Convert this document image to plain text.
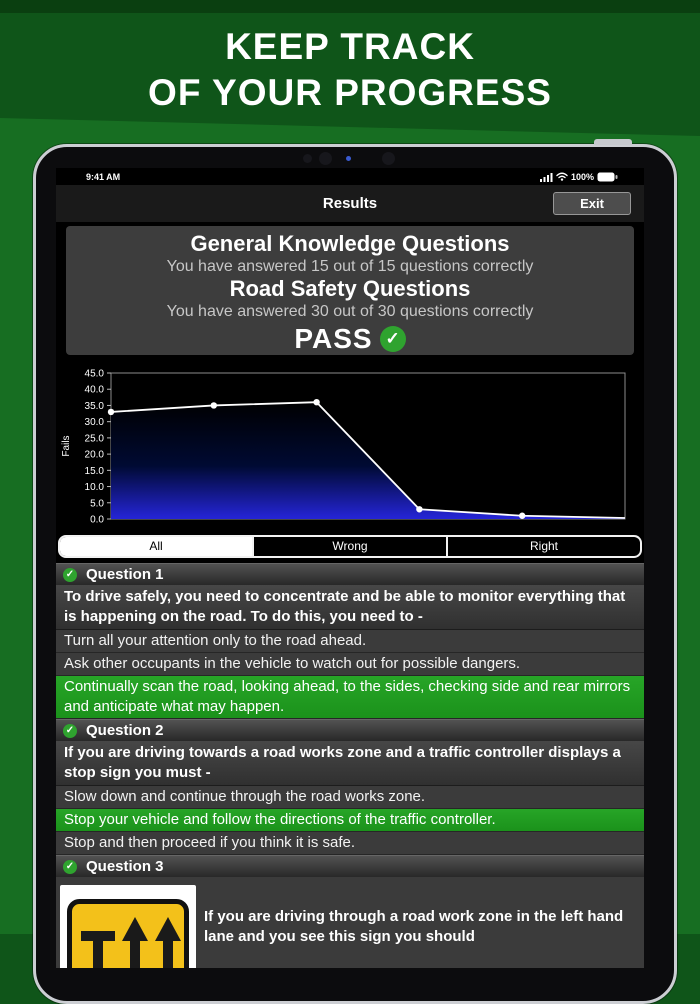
KEEP TRACK
OF YOUR PROGRESS
9:41 AM	100%
Results	Exit
General Knowledge Questions
You have answered 15 out of 15 questions correctly
Road Safety Questions
You have answered 30 out of 30 questions correctly
PASS ✓
45.0
40.0
35.0
30.0
25.0
20.0
15.0
10.0
5.0
0.0
Fails
All	Wrong	Right
✓ Question 1
To drive safely, you need to concentrate and be able to monitor everything that is happening on the road. To do this, you need to -
Turn all your attention only to the road ahead.
Ask other occupants in the vehicle to watch out for possible dangers.
Continually scan the road, looking ahead, to the sides, checking side and rear mirrors and anticipate what may happen.
✓ Question 2
If you are driving towards a road works zone and a traffic controller displays a stop sign you must -
Slow down and continue through the road works zone.
Stop your vehicle and follow the directions of the traffic controller.
Stop and then proceed if you think it is safe.
✓ Question 3
If you are driving through a road work zone in the left hand lane and you see this sign you should
